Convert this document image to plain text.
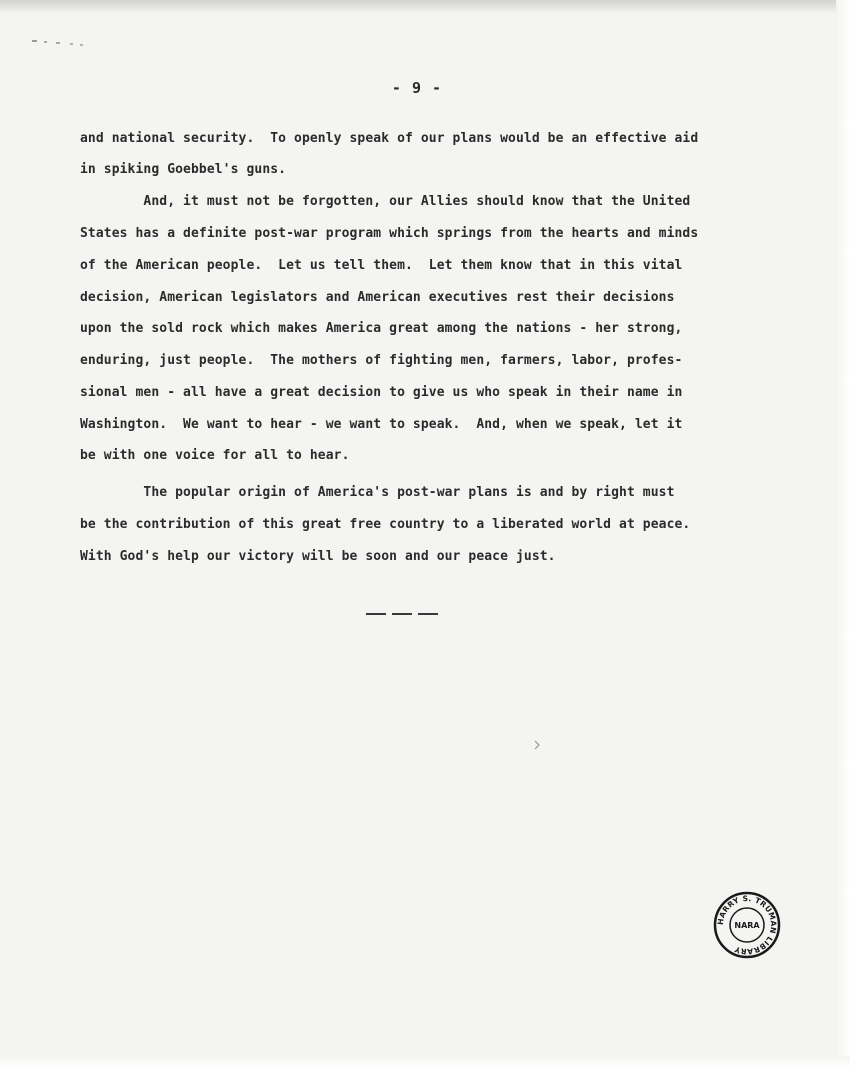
- 9 -
and national security.  To openly speak of our plans would be an effective aid
in spiking Goebbel's guns.
And, it must not be forgotten, our Allies should know that the United
States has a definite post-war program which springs from the hearts and minds
of the American people.  Let us tell them.  Let them know that in this vital
decision, American legislators and American executives rest their decisions
upon the sold rock which makes America great among the nations - her strong,
enduring, just people.  The mothers of fighting men, farmers, labor, profes-
sional men - all have a great decision to give us who speak in their name in
Washington.  We want to hear - we want to speak.  And, when we speak, let it
be with one voice for all to hear.
The popular origin of America's post-war plans is and by right must
be the contribution of this great free country to a liberated world at peace.
With God's help our victory will be soon and our peace just.
HARRY S. TRUMAN LIBRARY
NARA
